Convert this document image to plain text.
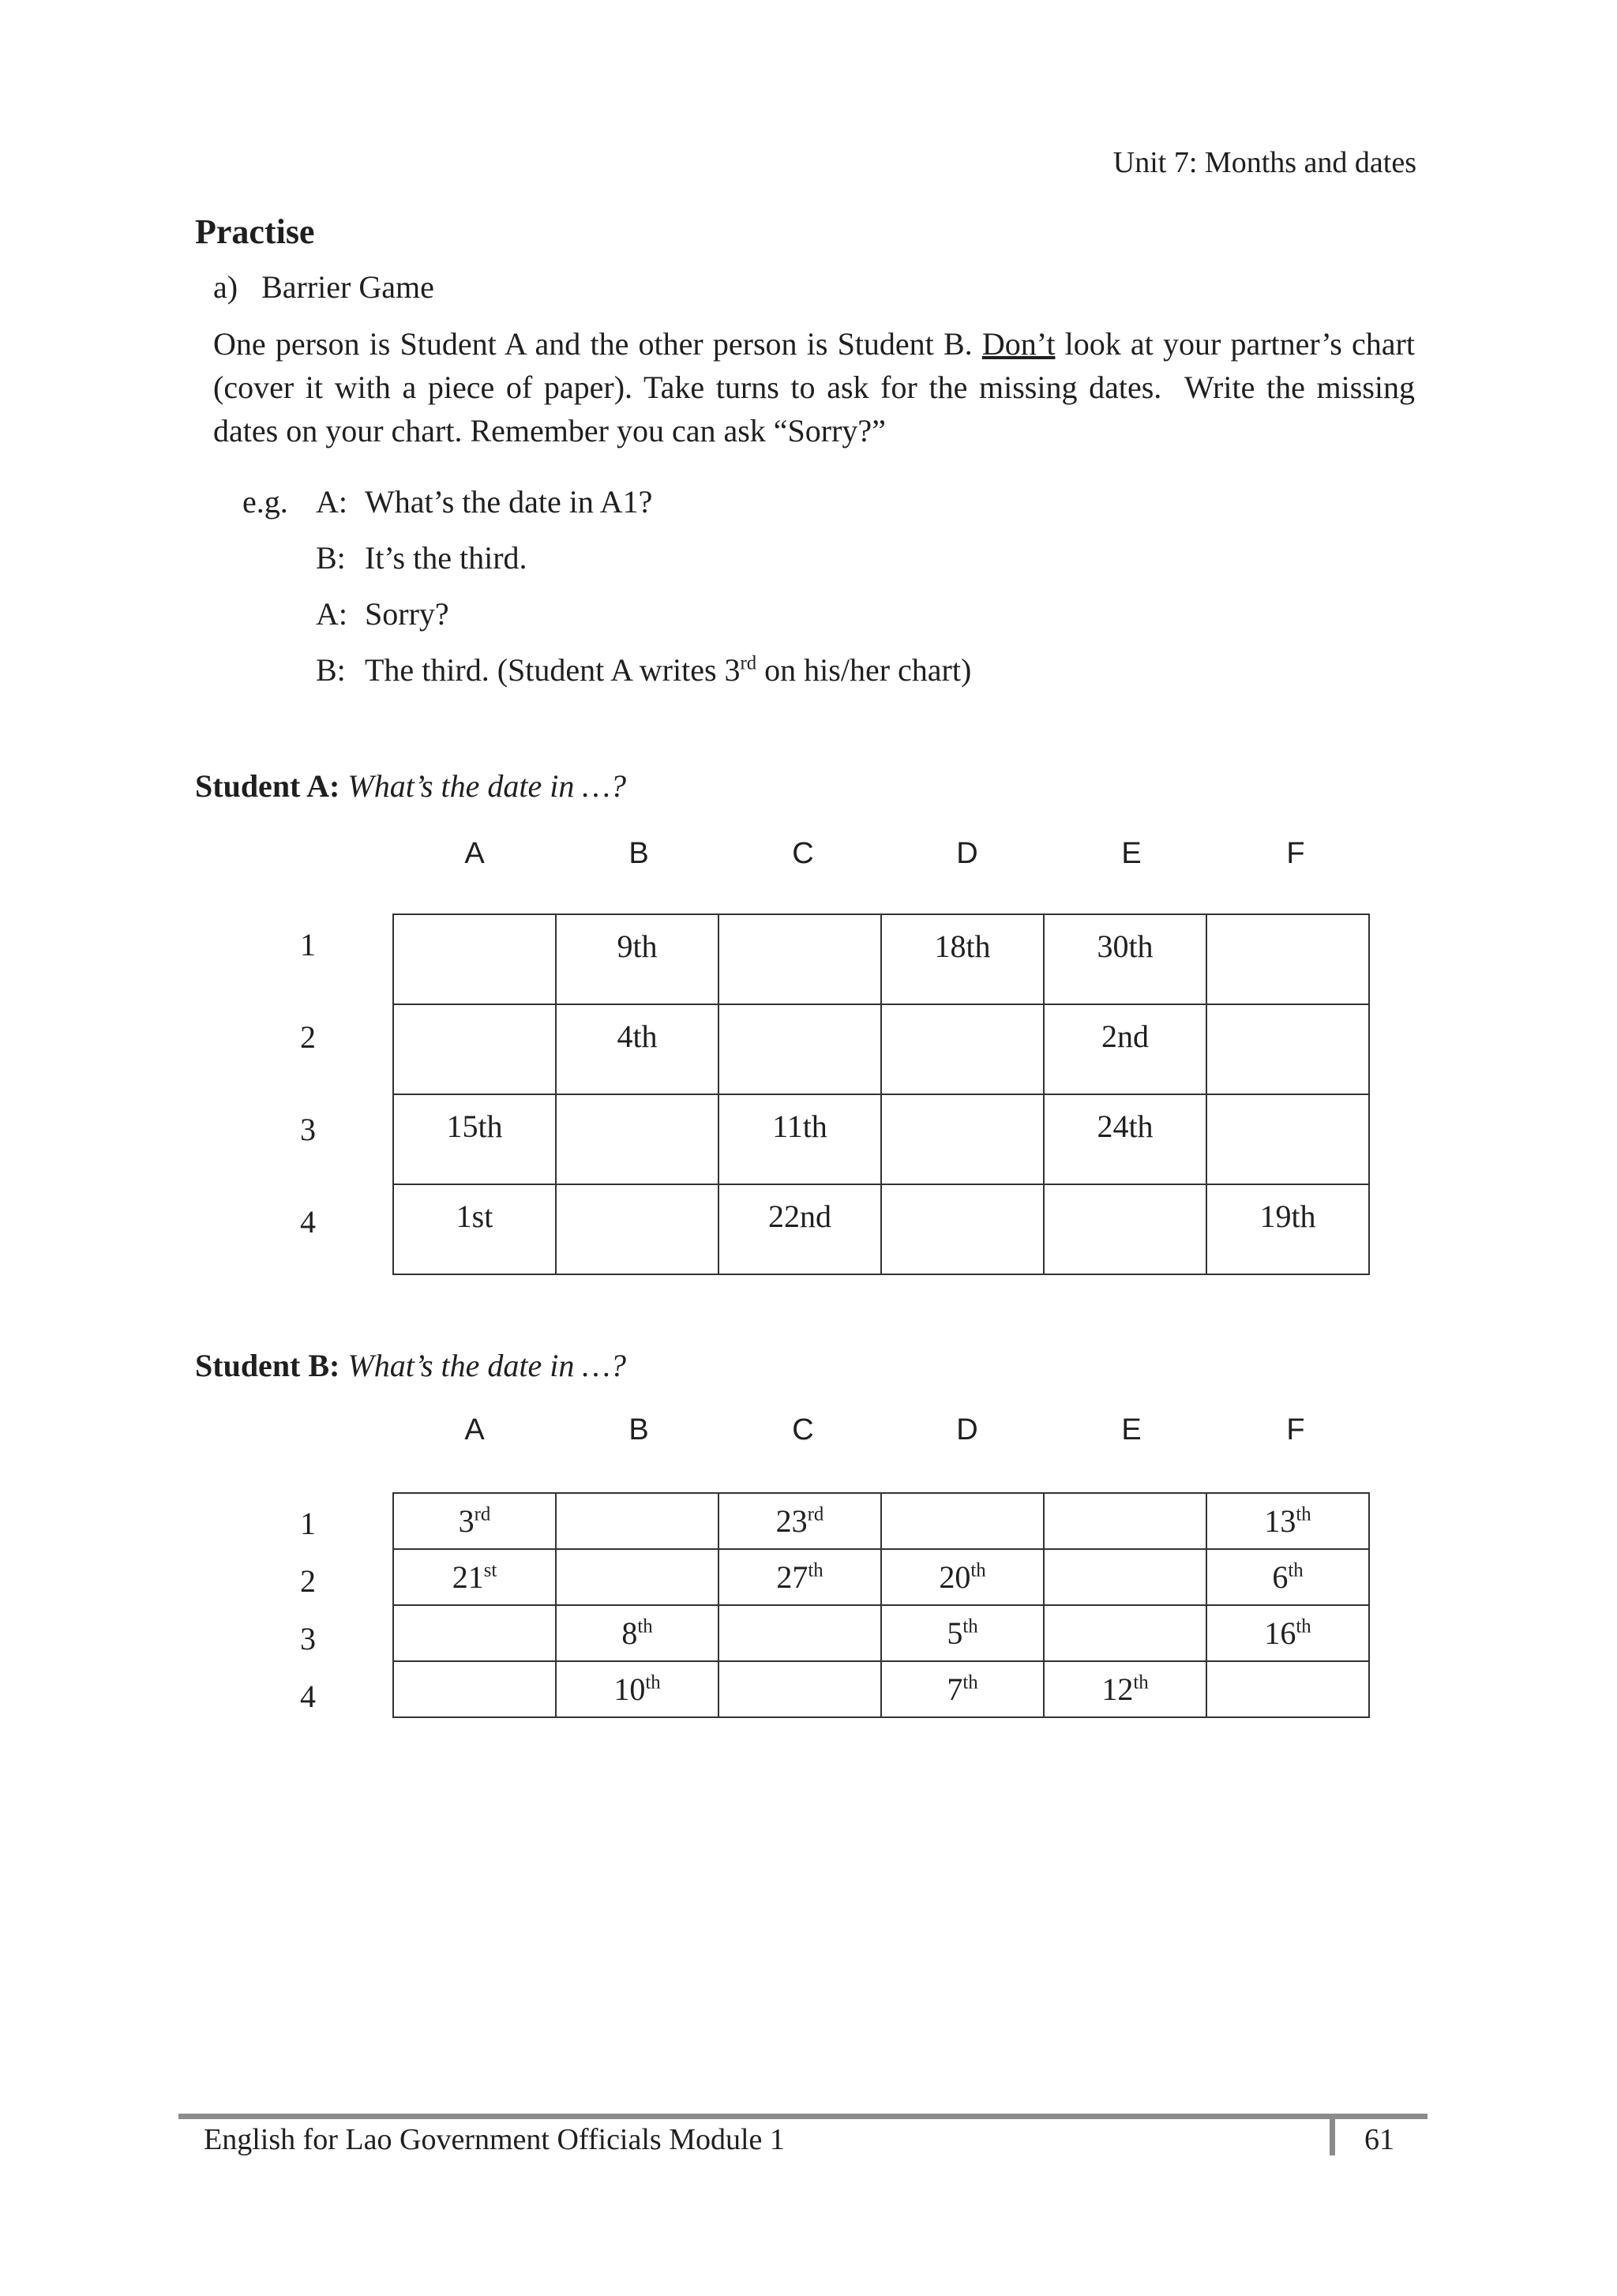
Unit 7: Months and dates
Practise
a)   Barrier Game
One person is Student A and the other person is Student B. Don’t look at your partner’s chart (cover it with a piece of paper). Take turns to ask for the missing dates.  Write the missing dates on your chart. Remember you can ask “Sorry?”
e.g. A: What’s the date in A1?
B: It’s the third.
A: Sorry?
B: The third. (Student A writes 3rd on his/her chart)
Student A: What’s the date in …?
A	B	C	D	E	F
1
2
3
4
	9th		18th	30th	
	4th			2nd	
15th		11th		24th	
1st		22nd			19th
Student B: What’s the date in …?
A	B	C	D	E	F
1
2
3
4
3rd		23rd			13th
21st		27th	20th		6th
	8th		5th		16th
	10th		7th	12th	
English for Lao Government Officials Module 1	61
